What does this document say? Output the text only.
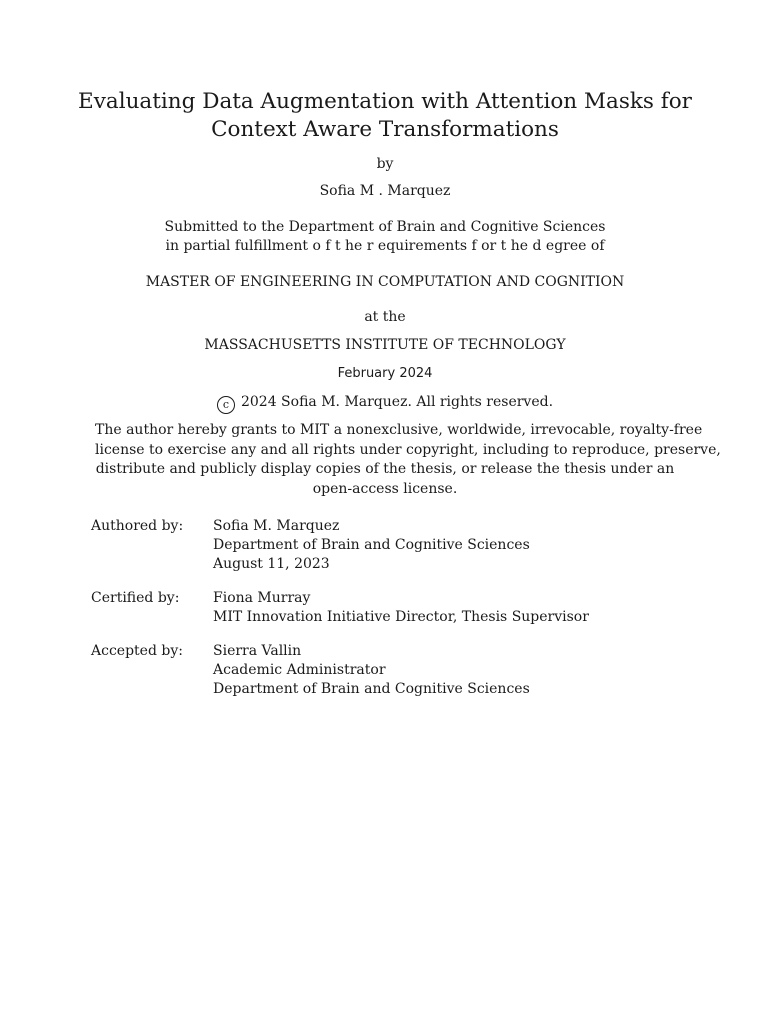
Evaluating Data Augmentation with Attention Masks for
Context Aware Transformations
by
Sofia M . Marquez
Submitted to the Department of Brain and Cognitive Sciences
in partial fulfillment o f t he r equirements f or t he d egree of
MASTER OF ENGINEERING IN COMPUTATION AND COGNITION
at the
MASSACHUSETTS INSTITUTE OF TECHNOLOGY
February 2024
c 2024 Sofia M. Marquez. All rights reserved.

The author hereby grants to MIT a nonexclusive, worldwide, irrevocable, royalty-free
license to exercise any and all rights under copyright, including to reproduce, preserve,
distribute and publicly display copies of the thesis, or release the thesis under an
open-access license.

Authored by: Sofia M. Marquez
Department of Brain and Cognitive Sciences
August 11, 2023
Certified by: Fiona Murray
MIT Innovation Initiative Director, Thesis Supervisor
Accepted by: Sierra Vallin
Academic Administrator
Department of Brain and Cognitive Sciences
